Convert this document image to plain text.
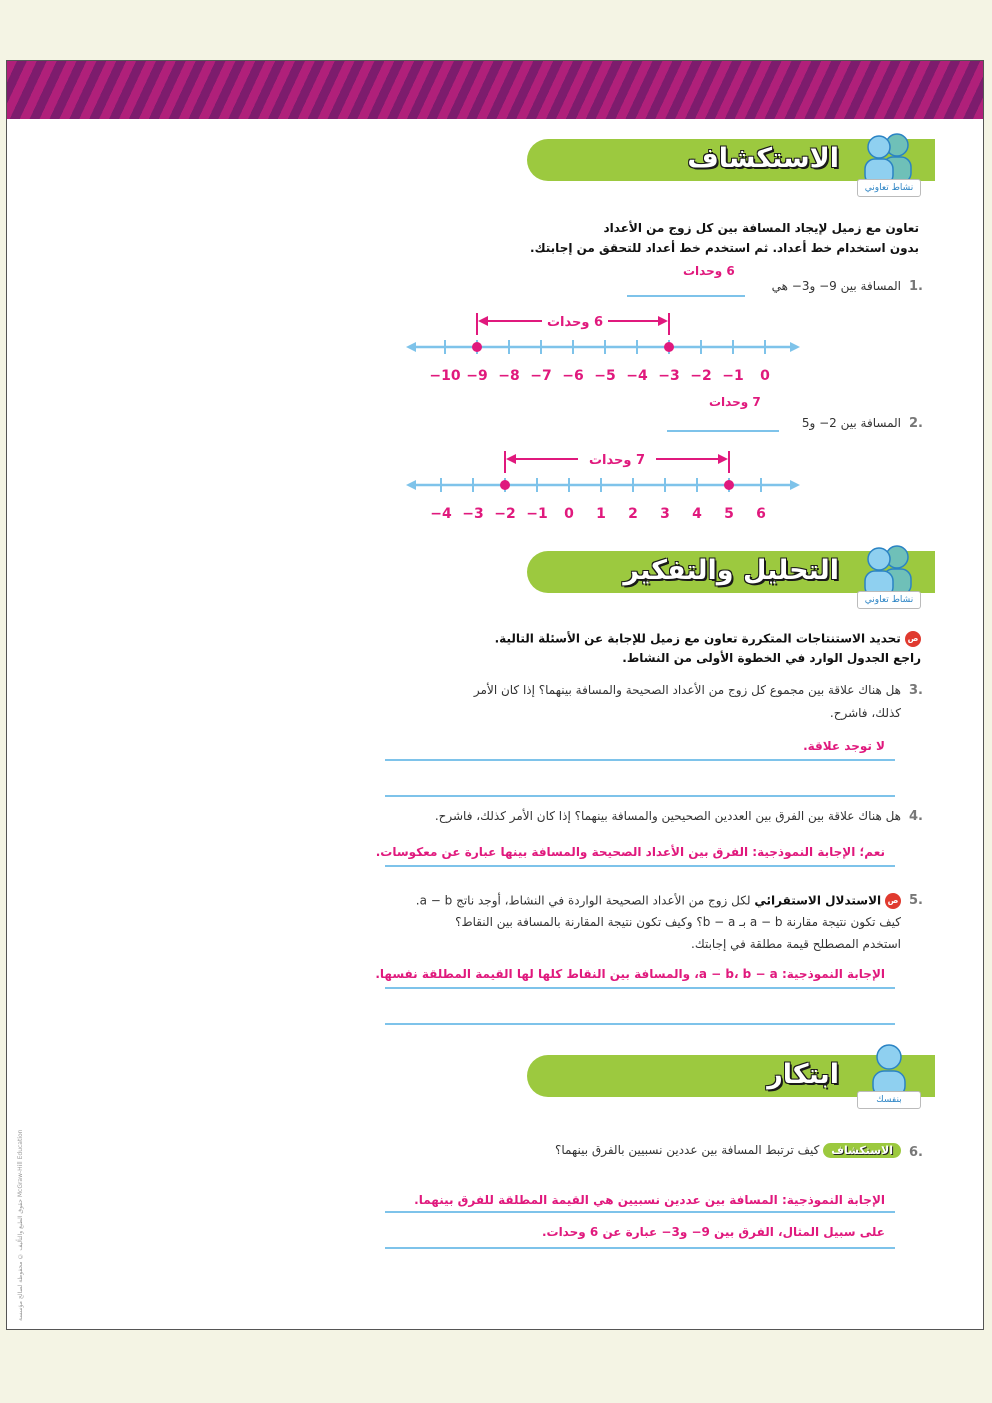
الاستكشاف
نشاط تعاوني
تعاون مع زميل لإيجاد المسافة بين كل زوج من الأعداد
بدون استخدام خط أعداد. ثم استخدم خط أعداد للتحقق من إجابتك.
1.
المسافة بين 9− و3− هي
6 وحدات
−10 −9 −8 −7 −6 −5 −4 −3 −2 −1 0
6 وحدات
2.
المسافة بين 2− و5
7 وحدات
−4 −3 −2 −1 0 1 2 3 4 5 6
7 وحدات
التحليل والتفكير
نشاط تعاوني
ص تحديد الاستنتاجات المتكررة تعاون مع زميل للإجابة عن الأسئلة التالية.
راجع الجدول الوارد في الخطوة الأولى من النشاط.
3.
هل هناك علاقة بين مجموع كل زوج من الأعداد الصحيحة والمسافة بينهما؟ إذا كان الأمر
كذلك، فاشرح.
لا توجد علاقة.
4.
هل هناك علاقة بين الفرق بين العددين الصحيحين والمسافة بينهما؟ إذا كان الأمر كذلك، فاشرح.
نعم؛ الإجابة النموذجية: الفرق بين الأعداد الصحيحة والمسافة بينها عبارة عن معكوسات.
5.
ص الاستدلال الاستقرائي لكل زوج من الأعداد الصحيحة الواردة في النشاط، أوجد ناتج a − b.
كيف تكون نتيجة مقارنة a − b بـ b − a؟ وكيف تكون نتيجة المقارنة بالمسافة بين النقاط؟
استخدم المصطلح قيمة مطلقة في إجابتك.
الإجابة النموذجية: a − b، b − a، والمسافة بين النقاط كلها لها القيمة المطلقة نفسها.
ابتكار
بنفسك
6.
الاستكشاف كيف ترتبط المسافة بين عددين نسبيين بالفرق بينهما؟
الإجابة النموذجية: المسافة بين عددين نسبيين هي القيمة المطلقة للفرق بينهما.
على سبيل المثال، الفرق بين 9− و3− عبارة عن 6 وحدات.
حقوق الطبع والتأليف © محفوظة لصالح مؤسسة McGraw-Hill Education
